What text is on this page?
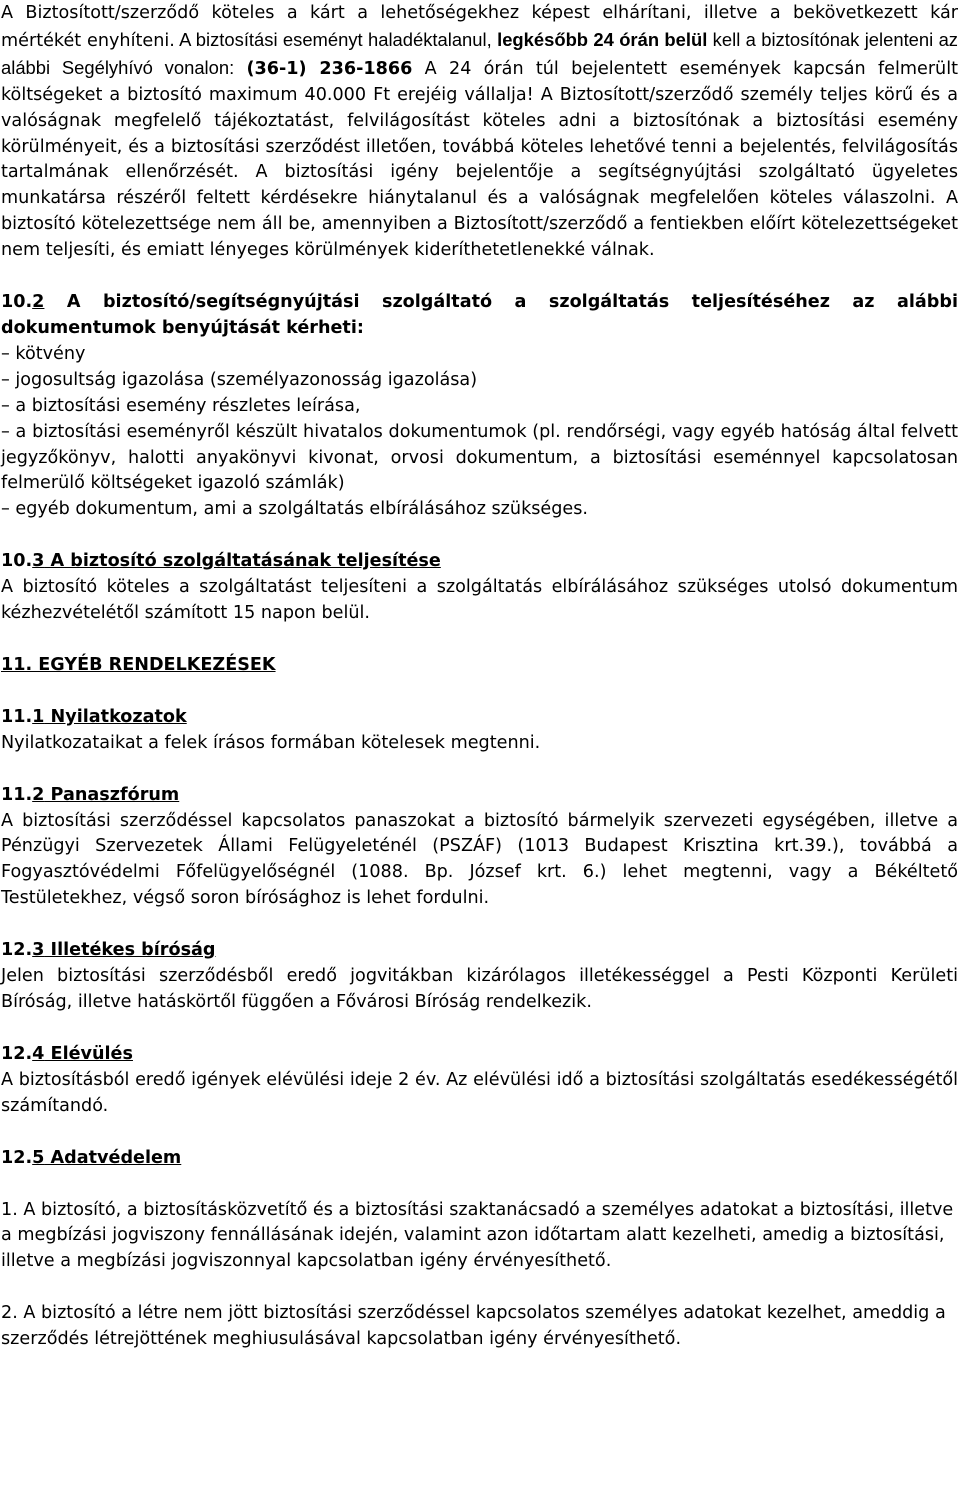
A Biztosított/szerződő köteles a kárt a lehetőségekhez képest elhárítani, illetve a bekövetkezett kár mértékét enyhíteni. A biztosítási eseményt haladéktalanul, legkésőbb 24 órán belül kell a biztosítónak jelenteni az alábbi Segélyhívó vonalon: (36-1) 236-1866 A 24 órán túl bejelentett események kapcsán felmerült költségeket a biztosító maximum 40.000 Ft erejéig vállalja! A Biztosított/szerződő személy teljes körű és a valóságnak megfelelő tájékoztatást, felvilágosítást köteles adni a biztosítónak a biztosítási esemény körülményeit, és a biztosítási szerződést illetően, továbbá köteles lehetővé tenni a bejelentés, felvilágosítás tartalmának ellenőrzését. A biztosítási igény bejelentője a segítségnyújtási szolgáltató ügyeletes munkatársa részéről feltett kérdésekre hiánytalanul és a valóságnak megfelelően köteles válaszolni. A biztosító kötelezettsége nem áll be, amennyiben a Biztosított/szerződő a fentiekben előírt kötelezettségeket nem teljesíti, és emiatt lényeges körülmények kideríthetetlenekké válnak.

10.2 A biztosító/segítségnyújtási szolgáltató a szolgáltatás teljesítéséhez az alábbi dokumentumok benyújtását kérheti:

– kötvény
– jogosultság igazolása (személyazonosság igazolása)
– a biztosítási esemény részletes leírása,
– a biztosítási eseményről készült hivatalos dokumentumok (pl. rendőrségi, vagy egyéb hatóság által felvett jegyzőkönyv, halotti anyakönyvi kivonat, orvosi dokumentum, a biztosítási eseménnyel kapcsolatosan felmerülő költségeket igazoló számlák)
– egyéb dokumentum, ami a szolgáltatás elbírálásához szükséges.

10.3 A biztosító szolgáltatásának teljesítése

A biztosító köteles a szolgáltatást teljesíteni a szolgáltatás elbírálásához szükséges utolsó dokumentum kézhezvételétől számított 15 napon belül.

11. EGYÉB RENDELKEZÉSEK

11.1 Nyilatkozatok

Nyilatkozataikat a felek írásos formában kötelesek megtenni.

11.2 Panaszfórum

A biztosítási szerződéssel kapcsolatos panaszokat a biztosító bármelyik szervezeti egységében, illetve a Pénzügyi Szervezetek Állami Felügyeleténél (PSZÁF) (1013 Budapest Krisztina krt.39.), továbbá a Fogyasztóvédelmi Főfelügyelőségnél (1088. Bp. József krt. 6.) lehet megtenni, vagy a Békéltető Testületekhez, végső soron bírósághoz is lehet fordulni.

12.3 Illetékes bíróság

Jelen biztosítási szerződésből eredő jogvitákban kizárólagos illetékességgel a Pesti Központi Kerületi Bíróság, illetve hatáskörtől függően a Fővárosi Bíróság rendelkezik.

12.4 Elévülés

A biztosításból eredő igények elévülési ideje 2 év. Az elévülési idő a biztosítási szolgáltatás esedékességétől számítandó.

12.5 Adatvédelem

1. A biztosító, a biztosításközvetítő és a biztosítási szaktanácsadó a személyes adatokat a biztosítási, illetve a megbízási jogviszony fennállásának idején, valamint azon időtartam alatt kezelheti, amedig a biztosítási, illetve a megbízási jogviszonnyal kapcsolatban igény érvényesíthető.

2. A biztosító a létre nem jött biztosítási szerződéssel kapcsolatos személyes adatokat kezelhet, ameddig a szerződés létrejöttének meghiusulásával kapcsolatban igény érvényesíthető.
